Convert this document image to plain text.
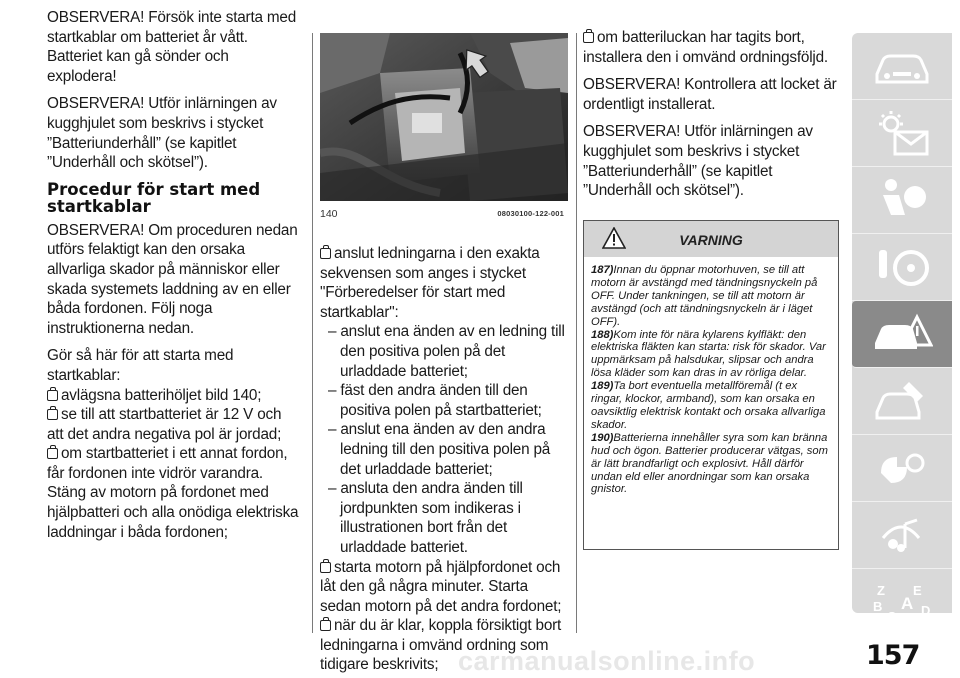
OBSERVERA! Försök inte starta med startkablar om batteriet år vått. Batteriet kan gå sönder och explodera!

OBSERVERA! Utför inlärningen av kugghjulet som beskrivs i stycket ”Batteriunderhåll” (se kapitlet ”Underhåll och skötsel”).

Procedur för start med startkablar

OBSERVERA! Om proceduren nedan utförs felaktigt kan den orsaka allvarliga skador på människor eller skada systemets laddning av en eller båda fordonen. Följ noga instruktionerna nedan.

Gör så här för att starta med startkablar:

avlägsna batterihöljet bild 140;

se till att startbatteriet är 12 V och att det andra negativa pol är jordad;

om startbatteriet i ett annat fordon, får fordonen inte vidrör varandra. Stäng av motorn på fordonet med hjälpbatteri och alla onödiga elektriska laddningar i båda fordonen;

140	08030100-122-001

anslut ledningarna i den exakta sekvensen som anges i stycket "Förberedelser för start med startkablar":

– anslut ena änden av en ledning till den positiva polen på det urladdade batteriet;

– fäst den andra änden till den positiva polen på startbatteriet;

– anslut ena änden av den andra ledning till den positiva polen på det urladdade batteriet;

– ansluta den andra änden till jordpunkten som indikeras i illustrationen bort från det urladdade batteriet.

starta motorn på hjälpfordonet och låt den gå några minuter. Starta sedan motorn på det andra fordonet;

när du är klar, koppla försiktigt bort ledningarna i omvänd ordning som tidigare beskrivits;

om batteriluckan har tagits bort, installera den i omvänd ordningsföljd.

OBSERVERA! Kontrollera att locket är ordentligt installerat.

OBSERVERA! Utför inlärningen av kugghjulet som beskrivs i stycket ”Batteriunderhåll” (se kapitlet ”Underhåll och skötsel”).

VARNING

187)Innan du öppnar motorhuven, se till att motorn är avstängd med tändningsnyckeln på OFF. Under tankningen, se till att motorn är avstängd (och att tändningsnyckeln är i läget OFF).

188)Kom inte för nära kylarens kylfläkt: den elektriska fläkten kan starta: risk för skador. Var uppmärksam på halsdukar, slipsar och andra lösa kläder som kan dras in av rörliga delar.

189)Ta bort eventuella metallföremål (t ex ringar, klockor, armband), som kan orsaka en oavsiktlig elektrisk kontakt och orsaka allvarliga skador.

190)Batterierna innehåller syra som kan bränna hud och ögon. Batterier producerar vätgas, som är lätt brandfarligt och explosivt. Håll därför undan eld eller anordningar som kan orsaka gnistor.

Z E
B A
C T
D
carmanualsonline.info	157
